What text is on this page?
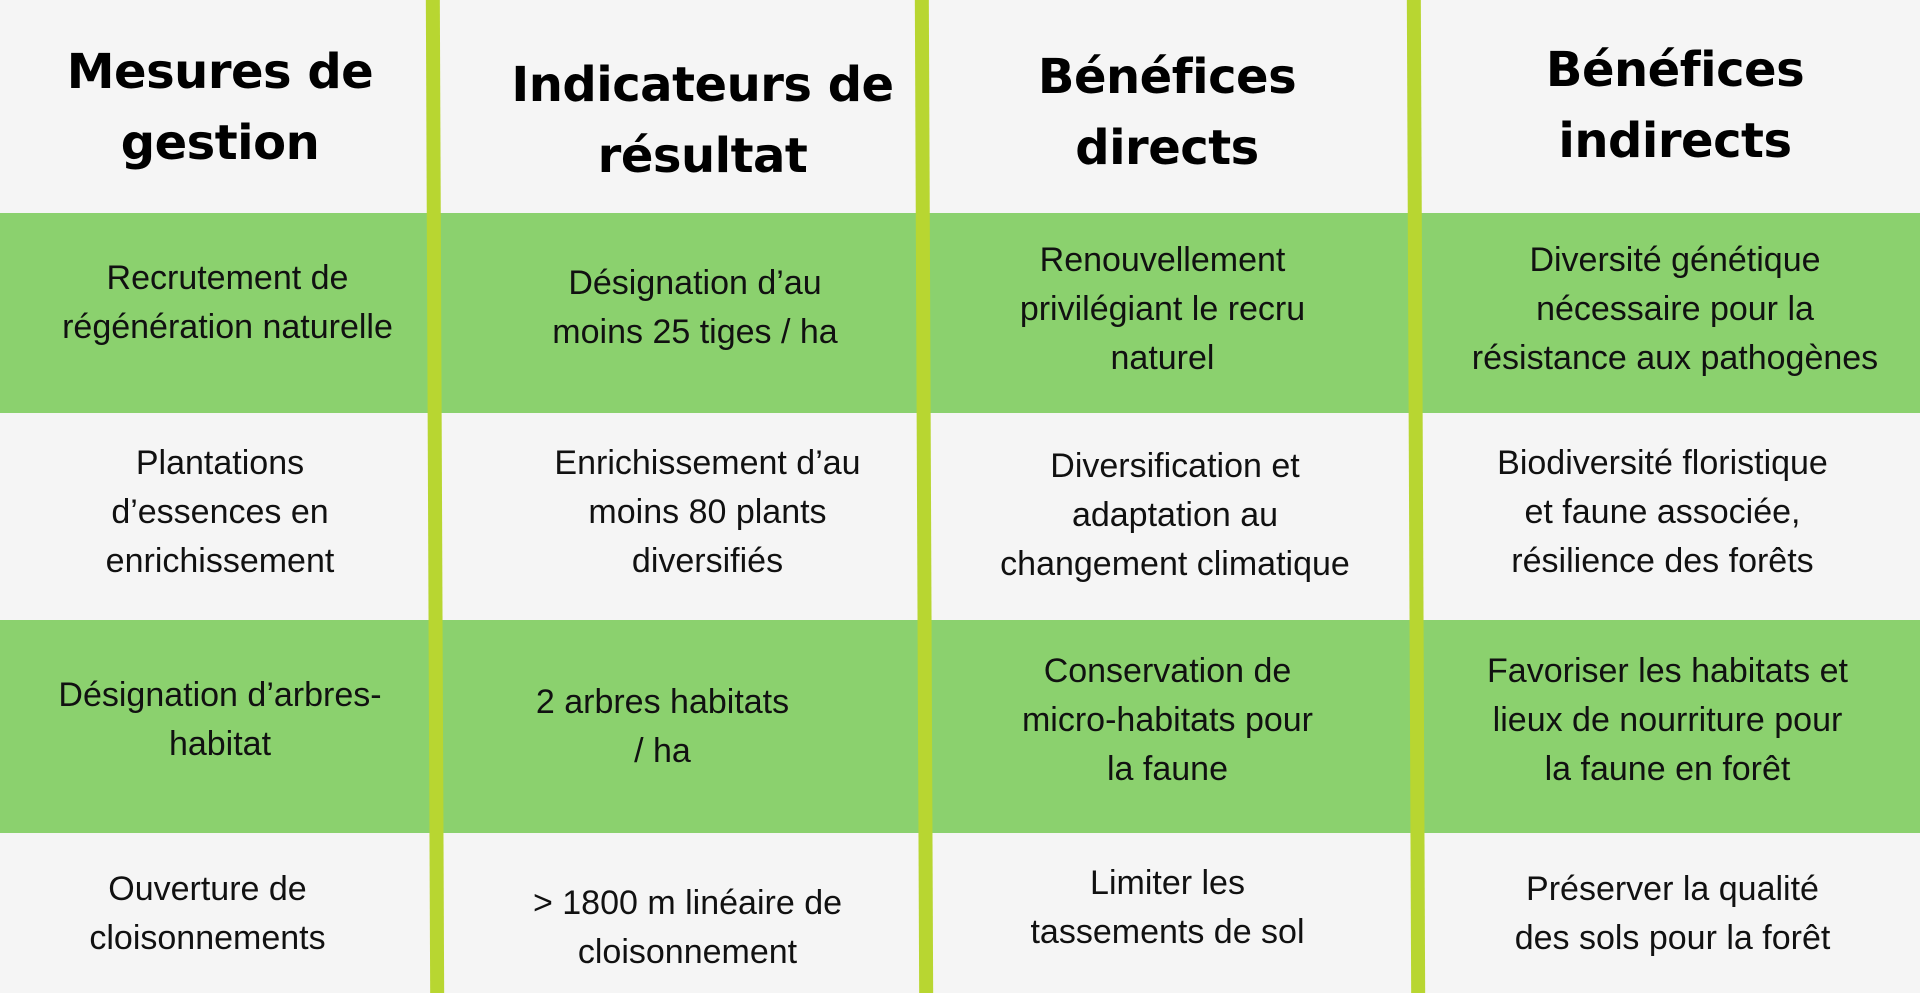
Mesures de
gestion
Indicateurs de
résultat
Bénéfices
directs
Bénéfices
indirects
Recrutement de
régénération naturelle
Désignation d’au
moins 25 tiges / ha
Renouvellement
privilégiant le recru
naturel
Diversité génétique
nécessaire pour la
résistance aux pathogènes
Plantations
d’essences en
enrichissement
Enrichissement d’au
moins 80 plants
diversifiés
Diversification et
adaptation au
changement climatique
Biodiversité floristique
et faune associée,
résilience des forêts
Désignation d’arbres-
habitat
2 arbres habitats
/ ha
Conservation de
micro-habitats pour
la faune
Favoriser les habitats et
lieux de nourriture pour
la faune en forêt
Ouverture de
cloisonnements
> 1800 m linéaire de
cloisonnement
Limiter les
tassements de sol
Préserver la qualité
des sols pour la forêt
